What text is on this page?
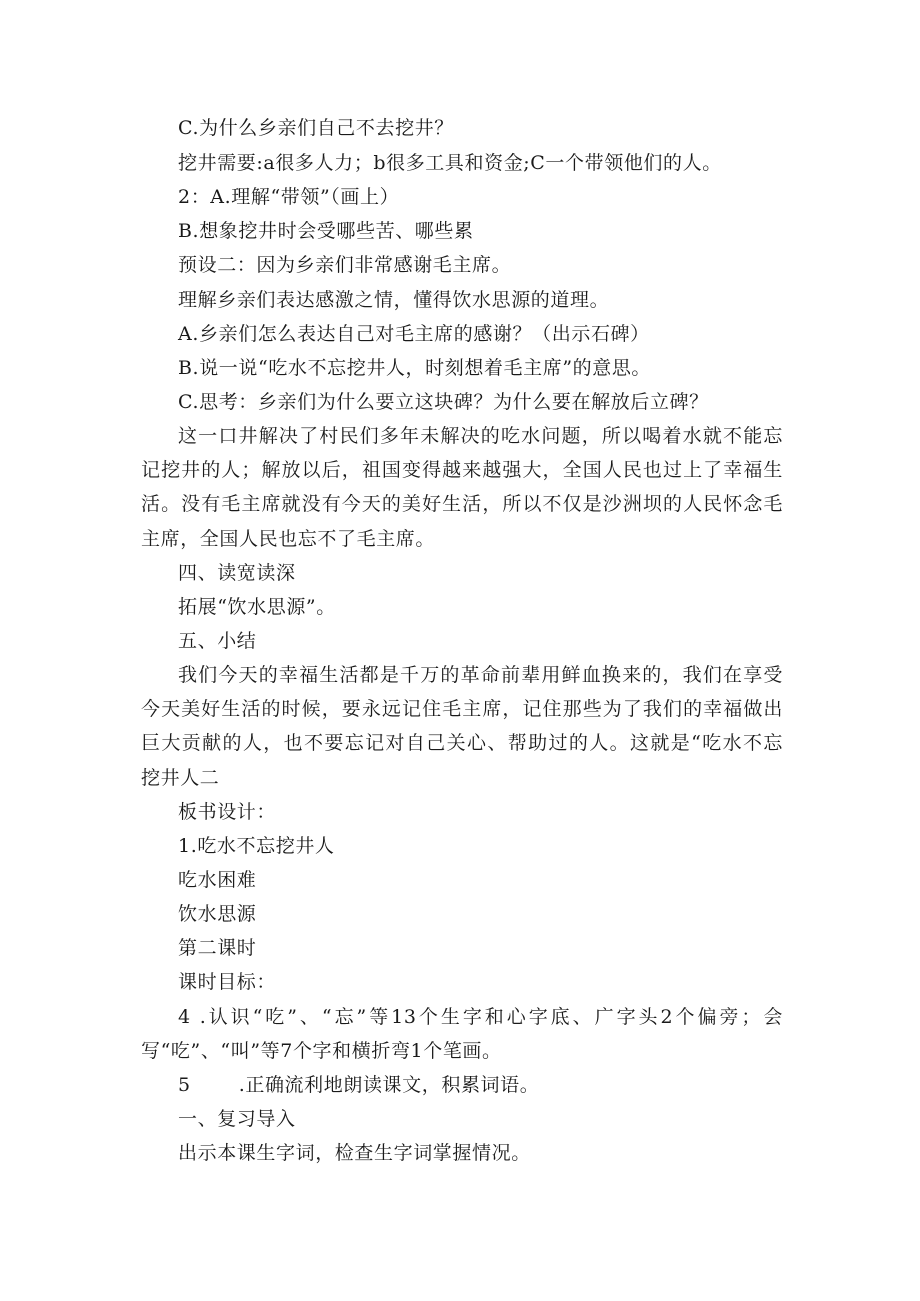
C.为什么乡亲们自己不去挖井？
挖井需要:a很多人力；b很多工具和资金;C一个带领他们的人。
2：A.理解“带领”（画上）
B.想象挖井时会受哪些苦、哪些累
预设二：因为乡亲们非常感谢毛主席。
理解乡亲们表达感激之情，懂得饮水思源的道理。
A.乡亲们怎么表达自己对毛主席的感谢？（出示石碑）
B.说一说“吃水不忘挖井人，时刻想着毛主席”的意思。
C.思考：乡亲们为什么要立这块碑？为什么要在解放后立碑？
这一口井解决了村民们多年未解决的吃水问题，所以喝着水就不能忘
记挖井的人；解放以后，祖国变得越来越强大，全国人民也过上了幸福生
活。没有毛主席就没有今天的美好生活，所以不仅是沙洲坝的人民怀念毛
主席，全国人民也忘不了毛主席。
四、读宽读深
拓展“饮水思源”。
五、小结
我们今天的幸福生活都是千万的革命前辈用鲜血换来的，我们在享受
今天美好生活的时候，要永远记住毛主席，记住那些为了我们的幸福做出
巨大贡献的人，也不要忘记对自己关心、帮助过的人。这就是“吃水不忘
挖井人二
板书设计：
1.吃水不忘挖井人
吃水困难
饮水思源
第二课时
课时目标：
4 .认识“吃”、“忘”等13个生字和心字底、广字头2个偏旁；会
写“吃”、“叫”等7个字和横折弯1个笔画。
5	.正确流利地朗读课文，积累词语。
一、复习导入
出示本课生字词，检查生字词掌握情况。
